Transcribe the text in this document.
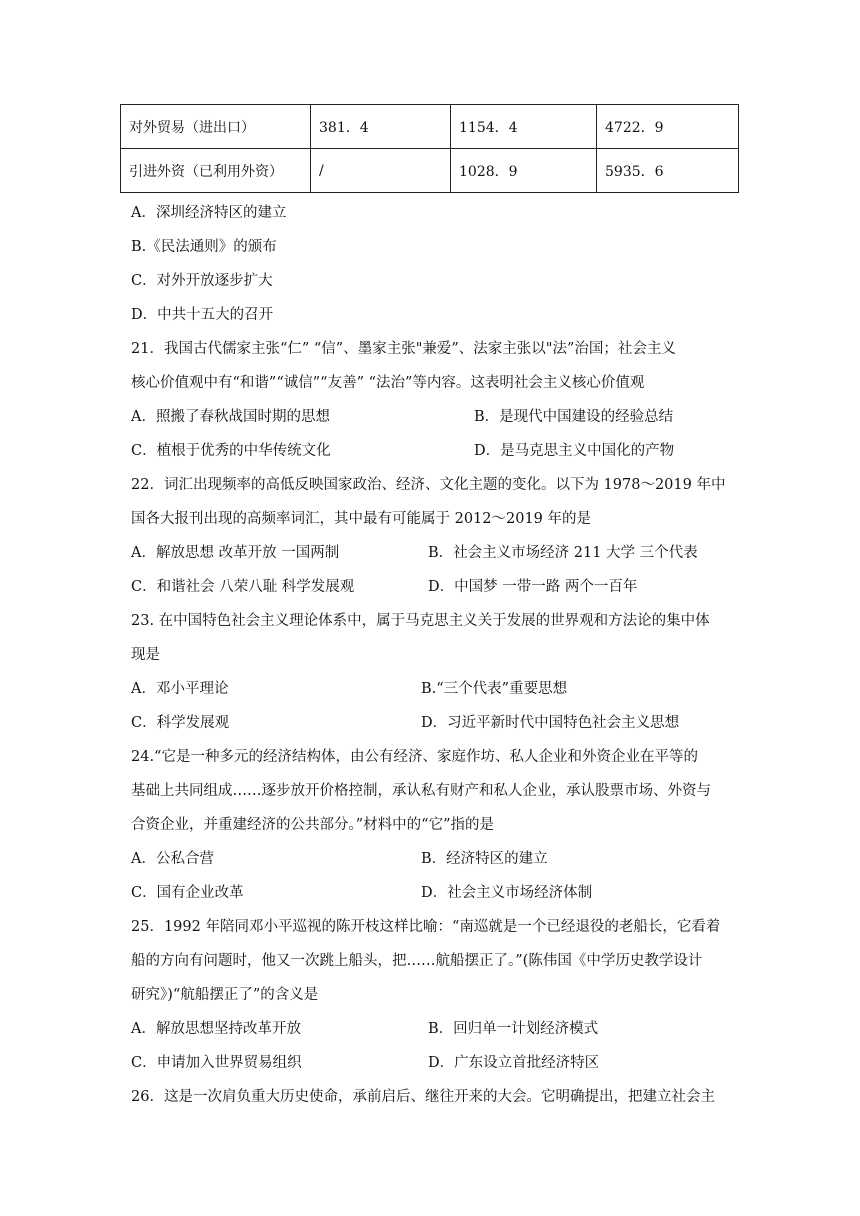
对外贸易（进出口）	381．4	1154．4	4722．9
引进外资（已利用外资）	/	1028．9	5935．6
A．深圳经济特区的建立
B.《民法通则》的颁布
C．对外开放逐步扩大
D．中共十五大的召开
21．我国古代儒家主张“仁” “信”、墨家主张"兼爱”、法家主张以"法”治国；社会主义
核心价值观中有“和谐”“诚信”“友善” “法治”等内容。这表明社会主义核心价值观
A．照搬了春秋战国时期的思想	B．是现代中国建设的经验总结
C．植根于优秀的中华传统文化	D．是马克思主义中国化的产物
22．词汇出现频率的高低反映国家政治、经济、文化主题的变化。以下为 1978～2019 年中
国各大报刊出现的高频率词汇，其中最有可能属于 2012～2019 年的是
A．解放思想 改革开放 一国两制	B．社会主义市场经济 211 大学 三个代表
C．和谐社会 八荣八耻 科学发展观	D．中国梦 一带一路 两个一百年
23. 在中国特色社会主义理论体系中，属于马克思主义关于发展的世界观和方法论的集中体
现是
A．邓小平理论	B.“三个代表”重要思想
C．科学发展观	D．习近平新时代中国特色社会主义思想
24.“它是一种多元的经济结构体，由公有经济、家庭作坊、私人企业和外资企业在平等的
基础上共同组成……逐步放开价格控制，承认私有财产和私人企业，承认股票市场、外资与
合资企业，并重建经济的公共部分。”材料中的“它”指的是
A．公私合营	B．经济特区的建立
C．国有企业改革	D．社会主义市场经济体制
25．1992 年陪同邓小平巡视的陈开枝这样比喻：“南巡就是一个已经退役的老船长，它看着
船的方向有问题时，他又一次跳上船头，把……航船摆正了。”(陈伟国《中学历史教学设计
研究》)“航船摆正了”的含义是
A．解放思想坚持改革开放	B．回归单一计划经济模式
C．申请加入世界贸易组织	D．广东设立首批经济特区
26．这是一次肩负重大历史使命，承前启后、继往开来的大会。它明确提出，把建立社会主
